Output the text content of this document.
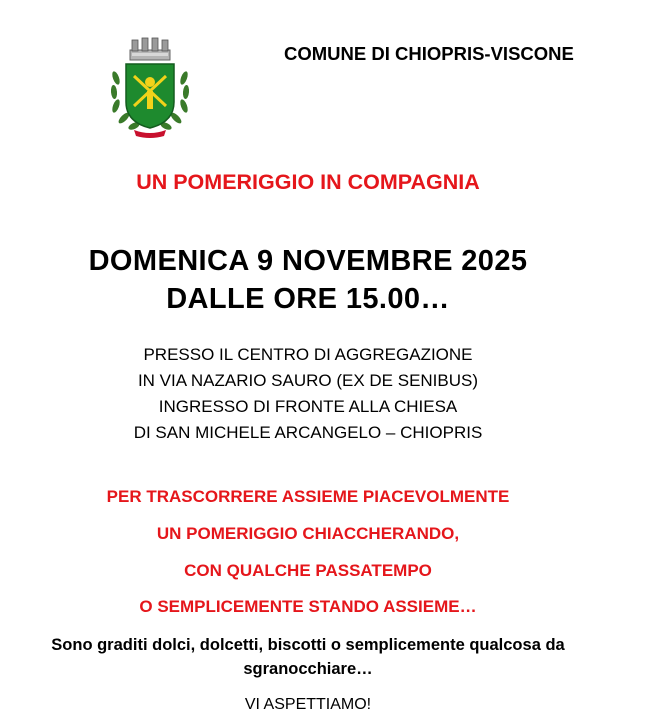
COMUNE DI CHIOPRIS-VISCONE
UN POMERIGGIO IN COMPAGNIA
DOMENICA 9 NOVEMBRE 2025
DALLE ORE 15.00…
PRESSO IL CENTRO DI AGGREGAZIONE
IN VIA NAZARIO SAURO (EX DE SENIBUS)
INGRESSO DI FRONTE ALLA CHIESA
DI SAN MICHELE ARCANGELO – CHIOPRIS
PER TRASCORRERE ASSIEME PIACEVOLMENTE
UN POMERIGGIO CHIACCHERANDO,
CON QUALCHE PASSATEMPO
O SEMPLICEMENTE STANDO ASSIEME…
Sono graditi dolci, dolcetti, biscotti o semplicemente qualcosa da
sgranocchiare…
VI ASPETTIAMO!
